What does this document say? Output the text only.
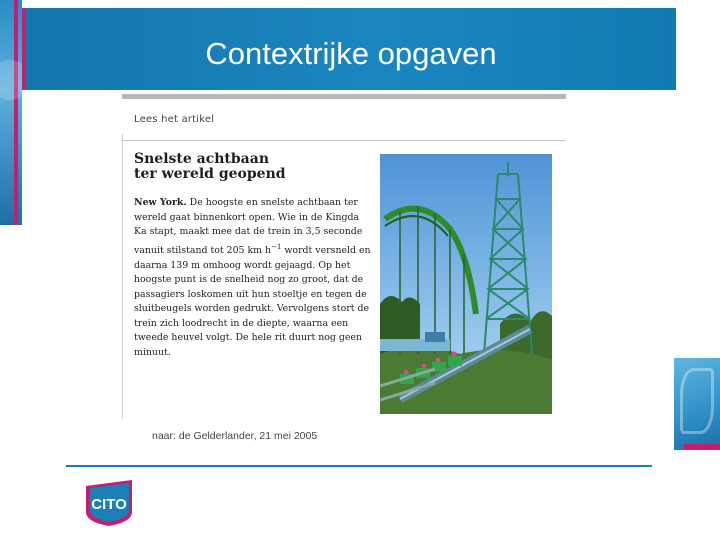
Contextrijke opgaven
Lees het artikel
Snelste achtbaan
ter wereld geopend
New York. De hoogste en snelste achtbaan ter wereld gaat binnenkort open. Wie in de Kingda Ka stapt, maakt mee dat de trein in 3,5 seconde vanuit stilstand tot 205 km $h^{-1}$ wordt versneld en daarna 139 m omhoog wordt gejaagd. Op het hoogste punt is de snelheid nog zo groot, dat de passagiers loskomen uit hun stoeltje en tegen de sluitbeugels worden gedrukt. Vervolgens stort de trein zich loodrecht in de diepte, waarna een tweede heuvel volgt. De hele rit duurt nog geen minuut.
naar: de Gelderlander, 21 mei 2005
CITO
